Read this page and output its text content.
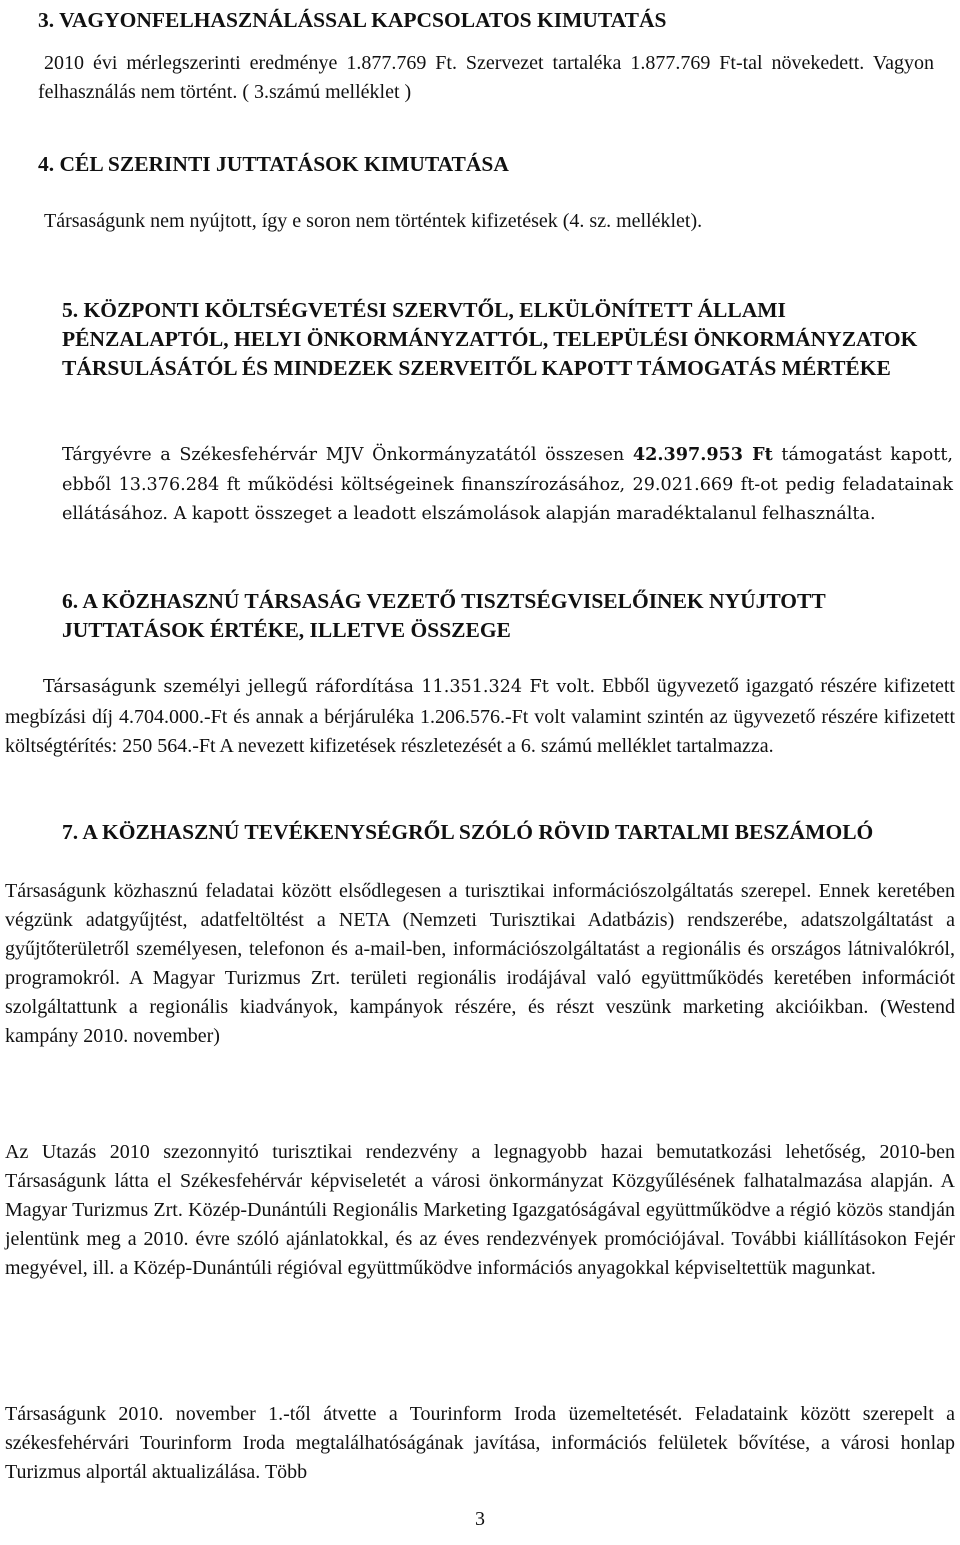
3. VAGYONFELHASZNÁLÁSSAL KAPCSOLATOS KIMUTATÁS

2010 évi mérlegszerinti eredménye 1.877.769 Ft. Szervezet tartaléka 1.877.769 Ft-tal növekedett. Vagyon felhasználás nem történt. ( 3.számú melléklet )

4. CÉL SZERINTI JUTTATÁSOK KIMUTATÁSA

Társaságunk nem nyújtott, így e soron nem történtek kifizetések (4. sz. melléklet).

5. KÖZPONTI KÖLTSÉGVETÉSI SZERVTŐL, ELKÜLÖNÍTETT ÁLLAMI PÉNZALAPTÓL, HELYI ÖNKORMÁNYZATTÓL, TELEPÜLÉSI ÖNKORMÁNYZATOK TÁRSULÁSÁTÓL ÉS MINDEZEK SZERVEITŐL KAPOTT TÁMOGATÁS MÉRTÉKE

Tárgyévre a Székesfehérvár MJV Önkormányzatától összesen 42.397.953 Ft támogatást kapott, ebből 13.376.284 ft működési költségeinek finanszírozásához, 29.021.669 ft-ot pedig feladatainak ellátásához. A kapott összeget a leadott elszámolások alapján maradéktalanul felhasználta.

6. A KÖZHASZNÚ TÁRSASÁG VEZETŐ TISZTSÉGVISELŐINEK NYÚJTOTT JUTTATÁSOK ÉRTÉKE, ILLETVE ÖSSZEGE

Társaságunk személyi jellegű ráfordítása 11.351.324 Ft volt. Ebből ügyvezető igazgató részére kifizetett megbízási díj 4.704.000.-Ft és annak a bérjáruléka 1.206.576.-Ft volt valamint szintén az ügyvezető részére kifizetett költségtérítés: 250 564.-Ft A nevezett kifizetések részletezését a 6. számú melléklet tartalmazza.

7. A KÖZHASZNÚ TEVÉKENYSÉGRŐL SZÓLÓ RÖVID TARTALMI BESZÁMOLÓ

Társaságunk közhasznú feladatai között elsődlegesen a turisztikai információszolgáltatás szerepel. Ennek keretében végzünk adatgyűjtést, adatfeltöltést a NETA (Nemzeti Turisztikai Adatbázis) rendszerébe, adatszolgáltatást a gyűjtőterületről személyesen, telefonon és a-mail-ben, információszolgáltatást a regionális és országos látnivalókról, programokról. A Magyar Turizmus Zrt. területi regionális irodájával való együttműködés keretében információt szolgáltattunk a regionális kiadványok, kampányok részére, és részt veszünk marketing akcióikban. (Westend kampány 2010. november)

Az Utazás 2010 szezonnyitó turisztikai rendezvény a legnagyobb hazai bemutatkozási lehetőség, 2010-ben Társaságunk látta el Székesfehérvár képviseletét a városi önkormányzat Közgyűlésének falhatalmazása alapján. A Magyar Turizmus Zrt. Közép-Dunántúli Regionális Marketing Igazgatóságával együttműködve a régió közös standján jelentünk meg a 2010. évre szóló ajánlatokkal, és az éves rendezvények promóciójával. További kiállításokon Fejér megyével, ill. a Közép-Dunántúli régióval együttműködve információs anyagokkal képviseltettük magunkat.

Társaságunk 2010. november 1.-től átvette a Tourinform Iroda üzemeltetését. Feladataink között szerepelt a székesfehérvári Tourinform Iroda megtalálhatóságának javítása, információs felületek bővítése, a városi honlap Turizmus alportál aktualizálása. Több

3
